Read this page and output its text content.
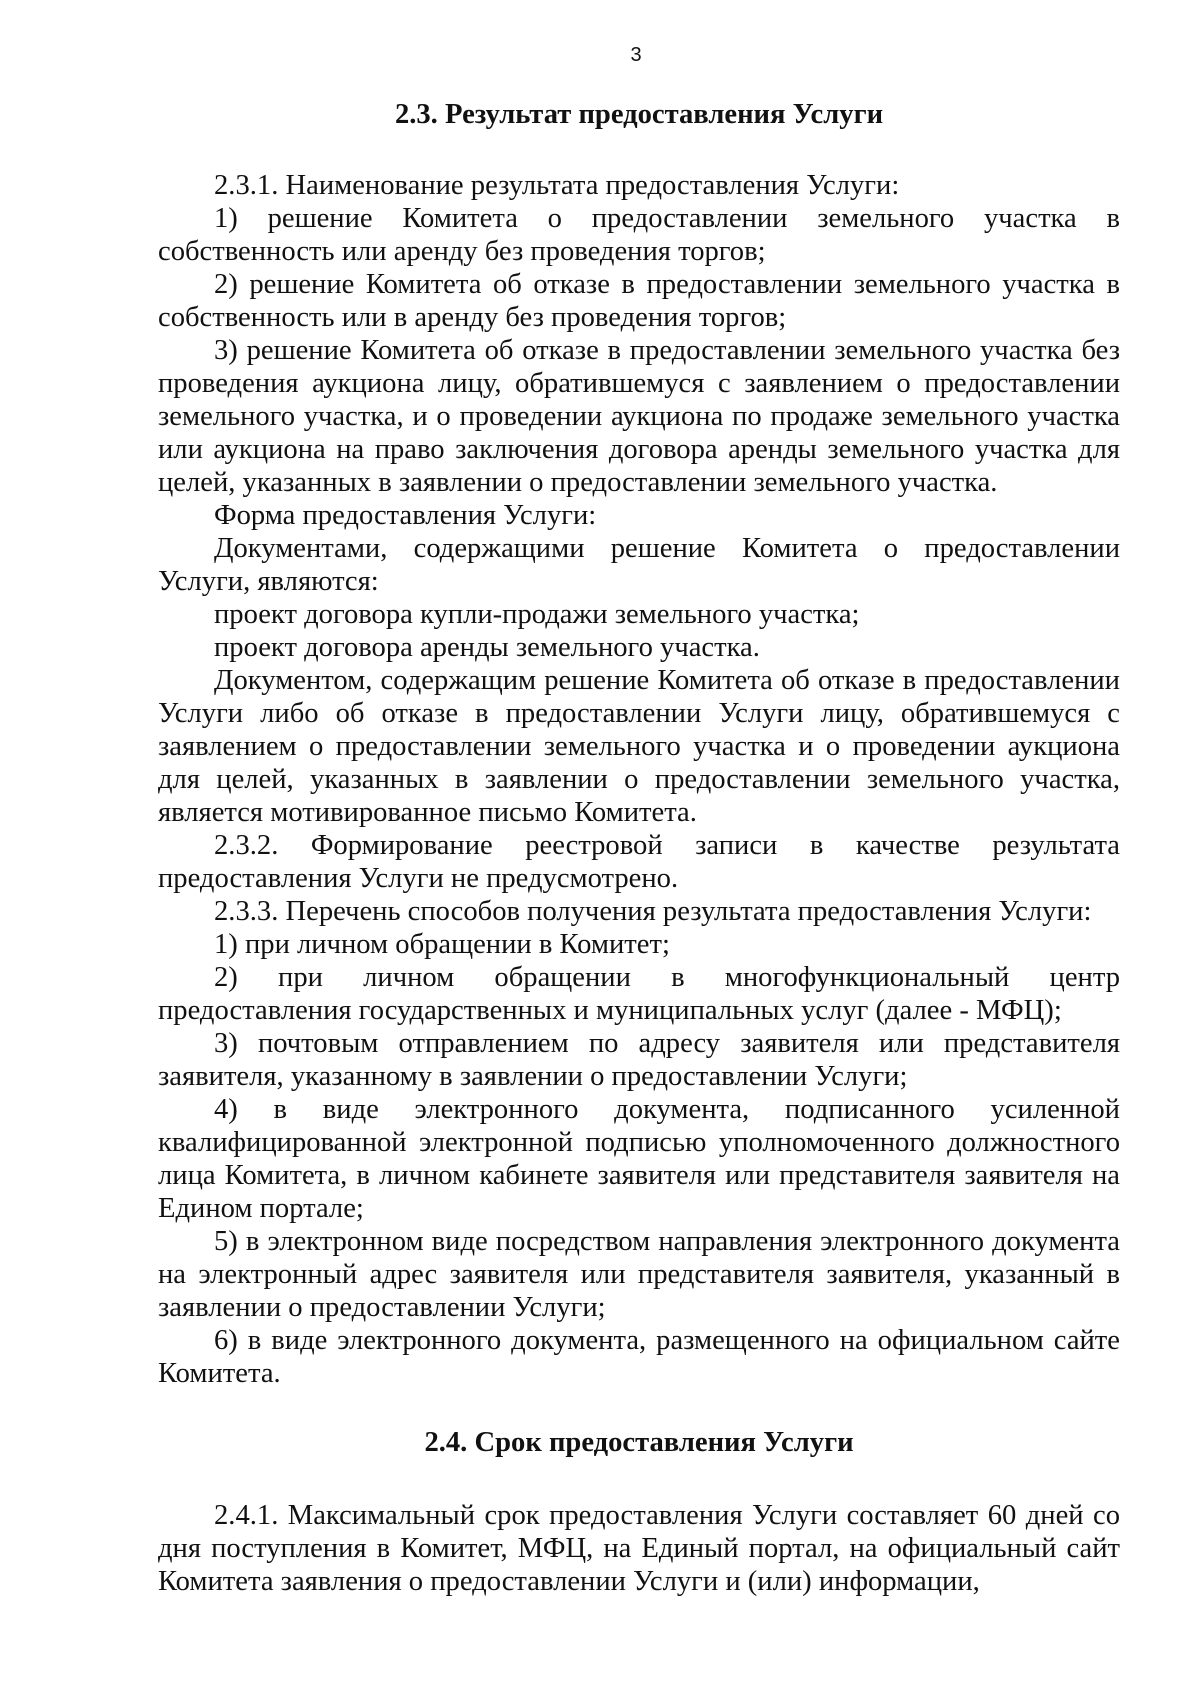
3
2.3. Результат предоставления Услуги

2.3.1. Наименование результата предоставления Услуги:

1) решение Комитета о предоставлении земельного участка в собственность или аренду без проведения торгов;

2) решение Комитета об отказе в предоставлении земельного участка в собственность или в аренду без проведения торгов;

3) решение Комитета об отказе в предоставлении земельного участка без проведения аукциона лицу, обратившемуся с заявлением о предоставлении земельного участка, и о проведении аукциона по продаже земельного участка или аукциона на право заключения договора аренды земельного участка для целей, указанных в заявлении о предоставлении земельного участка.

Форма предоставления Услуги:

Документами, содержащими решение Комитета о предоставлении Услуги, являются:

проект договора купли-продажи земельного участка;

проект договора аренды земельного участка.

Документом, содержащим решение Комитета об отказе в предоставлении Услуги либо об отказе в предоставлении Услуги лицу, обратившемуся с заявлением о предоставлении земельного участка и о проведении аукциона для целей, указанных в заявлении о предоставлении земельного участка, является мотивированное письмо Комитета.

2.3.2. Формирование реестровой записи в качестве результата предоставления Услуги не предусмотрено.

2.3.3. Перечень способов получения результата предоставления Услуги:

1) при личном обращении в Комитет;

2) при личном обращении в многофункциональный центр предоставления государственных и муниципальных услуг (далее - МФЦ);

3) почтовым отправлением по адресу заявителя или представителя заявителя, указанному в заявлении о предоставлении Услуги;

4) в виде электронного документа, подписанного усиленной квалифицированной электронной подписью уполномоченного должностного лица Комитета, в личном кабинете заявителя или представителя заявителя на Едином портале;

5) в электронном виде посредством направления электронного документа на электронный адрес заявителя или представителя заявителя, указанный в заявлении о предоставлении Услуги;

6) в виде электронного документа, размещенного на официальном сайте Комитета.

2.4. Срок предоставления Услуги

2.4.1. Максимальный срок предоставления Услуги составляет 60 дней со дня поступления в Комитет, МФЦ, на Единый портал, на официальный сайт Комитета заявления о предоставлении Услуги и (или) информации,
